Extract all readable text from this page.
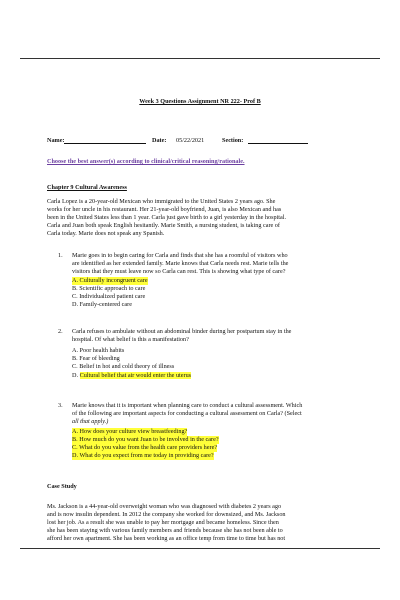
Week 3 Questions Assignment NR 222- Prof B
Name:	Date: 05/22/2021	Section:
Choose the best answer(s) according to clinical/critical reasoning/rationale.
Chapter 9 Cultural Awareness
Carla Lopez is a 20-year-old Mexican who immigrated to the United States 2 years ago. She
works for her uncle in his restaurant. Her 21-year-old boyfriend, Juan, is also Mexican and has
been in the United States less than 1 year. Carla just gave birth to a girl yesterday in the hospital.
Carla and Juan both speak English hesitantly. Marie Smith, a nursing student, is taking care of
Carla today. Marie does not speak any Spanish.
1. Marie goes in to begin caring for Carla and finds that she has a roomful of visitors who
are identified as her extended family. Marie knows that Carla needs rest. Marie tells the
visitors that they must leave now so Carla can rest. This is showing what type of care?
A. Culturally incongruent care
B. Scientific approach to care
C. Individualized patient care
D. Family-centered care
2. Carla refuses to ambulate without an abdominal binder during her postpartum stay in the
hospital. Of what belief is this a manifestation?
A. Poor health habits
B. Fear of bleeding
C. Belief in hot and cold theory of illness
D. Cultural belief that air would enter the uterus
3. Marie knows that it is important when planning care to conduct a cultural assessment. Which
of the following are important aspects for conducting a cultural assessment on Carla? (Select
all that apply.)
A. How does your culture view breastfeeding?
B. How much do you want Juan to be involved in the care?
C. What do you value from the health care providers here?
D. What do you expect from me today in providing care?
Case Study
Ms. Jackson is a 44-year-old overweight woman who was diagnosed with diabetes 2 years ago
and is now insulin dependent. In 2012 the company she worked for downsized, and Ms. Jackson
lost her job. As a result she was unable to pay her mortgage and became homeless. Since then
she has been staying with various family members and friends because she has not been able to
afford her own apartment. She has been working as an office temp from time to time but has not
